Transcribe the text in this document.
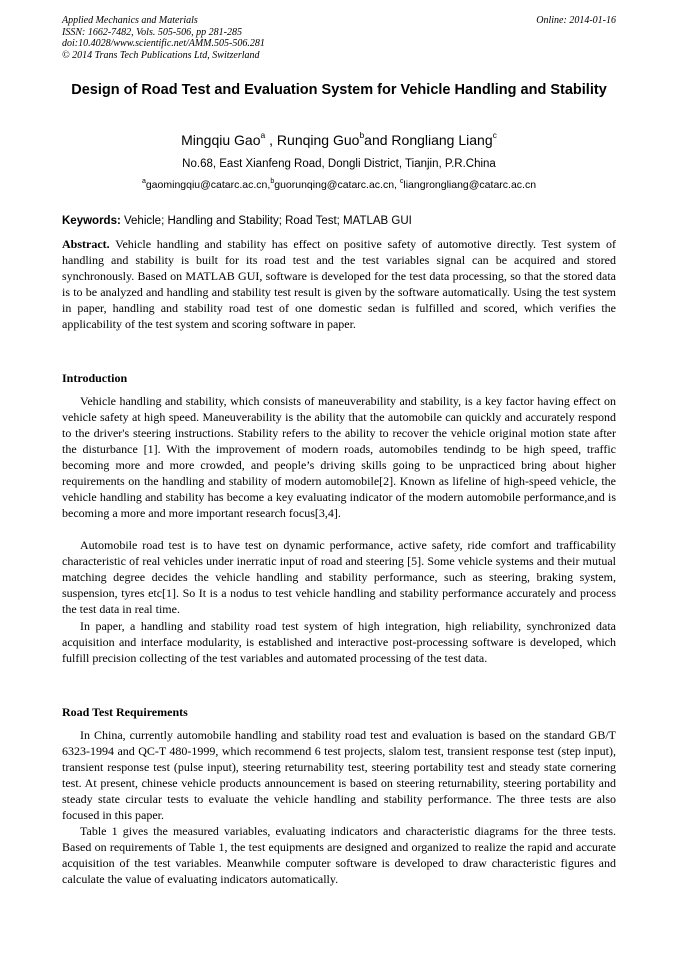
Applied Mechanics and Materials
ISSN: 1662-7482, Vols. 505-506, pp 281-285
doi:10.4028/www.scientific.net/AMM.505-506.281
© 2014 Trans Tech Publications Ltd, Switzerland
Online: 2014-01-16
Design of Road Test and Evaluation System for Vehicle Handling and Stability
Mingqiu Gao$^a$ , Runqing Guo$^b$and Rongliang Liang$^c$
No.68, East Xianfeng Road, Dongli District, Tianjin, P.R.China
$^a$gaomingqiu@catarc.ac.cn,$^b$guorunqing@catarc.ac.cn, $^c$liangrongliang@catarc.ac.cn
Keywords: Vehicle; Handling and Stability; Road Test; MATLAB GUI
Abstract. Vehicle handling and stability has effect on positive safety of automotive directly. Test system of handling and stability is built for its road test and the test variables signal can be acquired and stored synchronously. Based on MATLAB GUI, software is developed for the test data processing, so that the stored data is to be analyzed and handling and stability test result is given by the software automatically. Using the test system in paper, handling and stability road test of one domestic sedan is fulfilled and scored, which verifies the applicability of the test system and scoring software in paper.
Introduction
Vehicle handling and stability, which consists of maneuverability and stability, is a key factor having effect on vehicle safety at high speed. Maneuverability is the ability that the automobile can quickly and accurately respond to the driver's steering instructions. Stability refers to the ability to recover the vehicle original motion state after the disturbance [1]. With the improvement of modern roads, automobiles tendindg to be high speed, traffic becoming more and more crowded, and people’s driving skills going to be unpracticed bring about higher requirements on the handling and stability of modern automobile[2]. Known as lifeline of high-speed vehicle, the vehicle handling and stability has become a key evaluating indicator of the modern automobile performance,and is becoming a more and more important research focus[3,4].
Automobile road test is to have test on dynamic performance, active safety, ride comfort and trafficability characteristic of real vehicles under inerratic input of road and steering [5]. Some vehicle systems and their mutual matching degree decides the vehicle handling and stability performance, such as steering, braking system, suspension, tyres etc[1]. So It is a nodus to test vehicle handling and stability performance accurately and process the test data in real time.
In paper, a handling and stability road test system of high integration, high reliability, synchronized data acquisition and interface modularity, is established and interactive post-processing software is developed, which fulfill precision collecting of the test variables and automated processing of the test data.
Road Test Requirements
In China, currently automobile handling and stability road test and evaluation is based on the standard GB/T 6323-1994 and QC-T 480-1999, which recommend 6 test projects, slalom test, transient response test (step input), transient response test (pulse input), steering returnability test, steering portability test and steady state cornering test. At present, chinese vehicle products announcement is based on steering returnability, steering portability and steady state circular tests to evaluate the vehicle handling and stability performance. The three tests are also focused in this paper.
Table 1 gives the measured variables, evaluating indicators and characteristic diagrams for the three tests. Based on requirements of Table 1, the test equipments are designed and organized to realize the rapid and accurate acquisition of the test variables. Meanwhile computer software is developed to draw characteristic figures and calculate the value of evaluating indicators automatically.
